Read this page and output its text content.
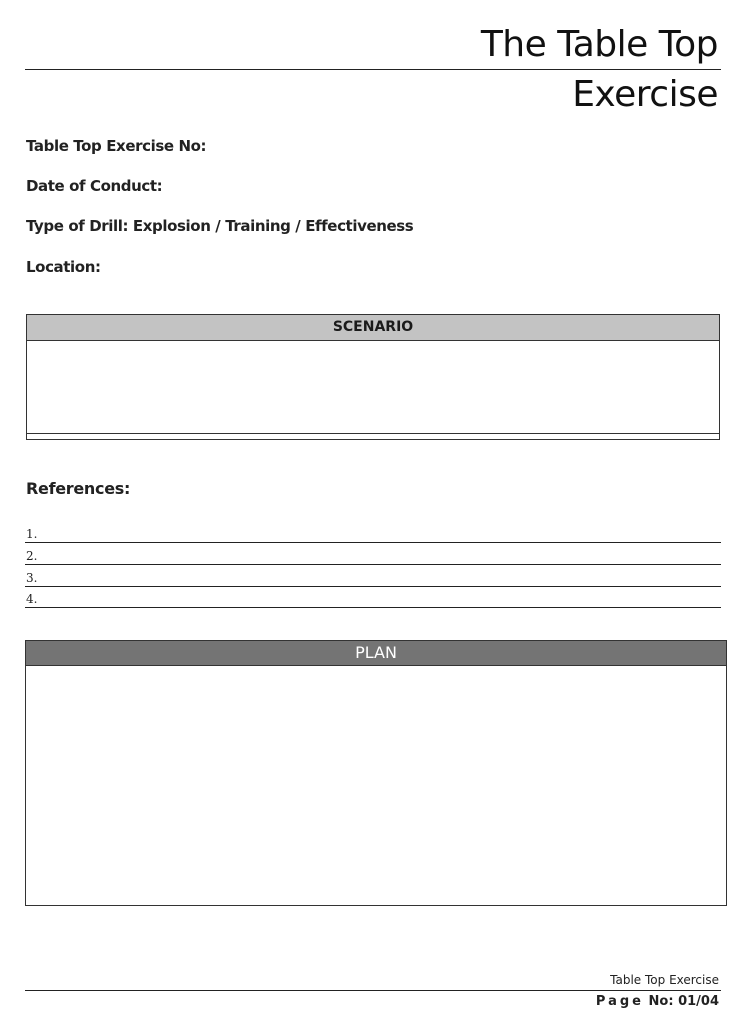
The Table Top
Exercise
Table Top Exercise No:
Date of Conduct:
Type of Drill: Explosion / Training / Effectiveness
Location:
SCENARIO
References:
1.
2.
3.
4.
PLAN
Table Top Exercise
Page No: 01/04
